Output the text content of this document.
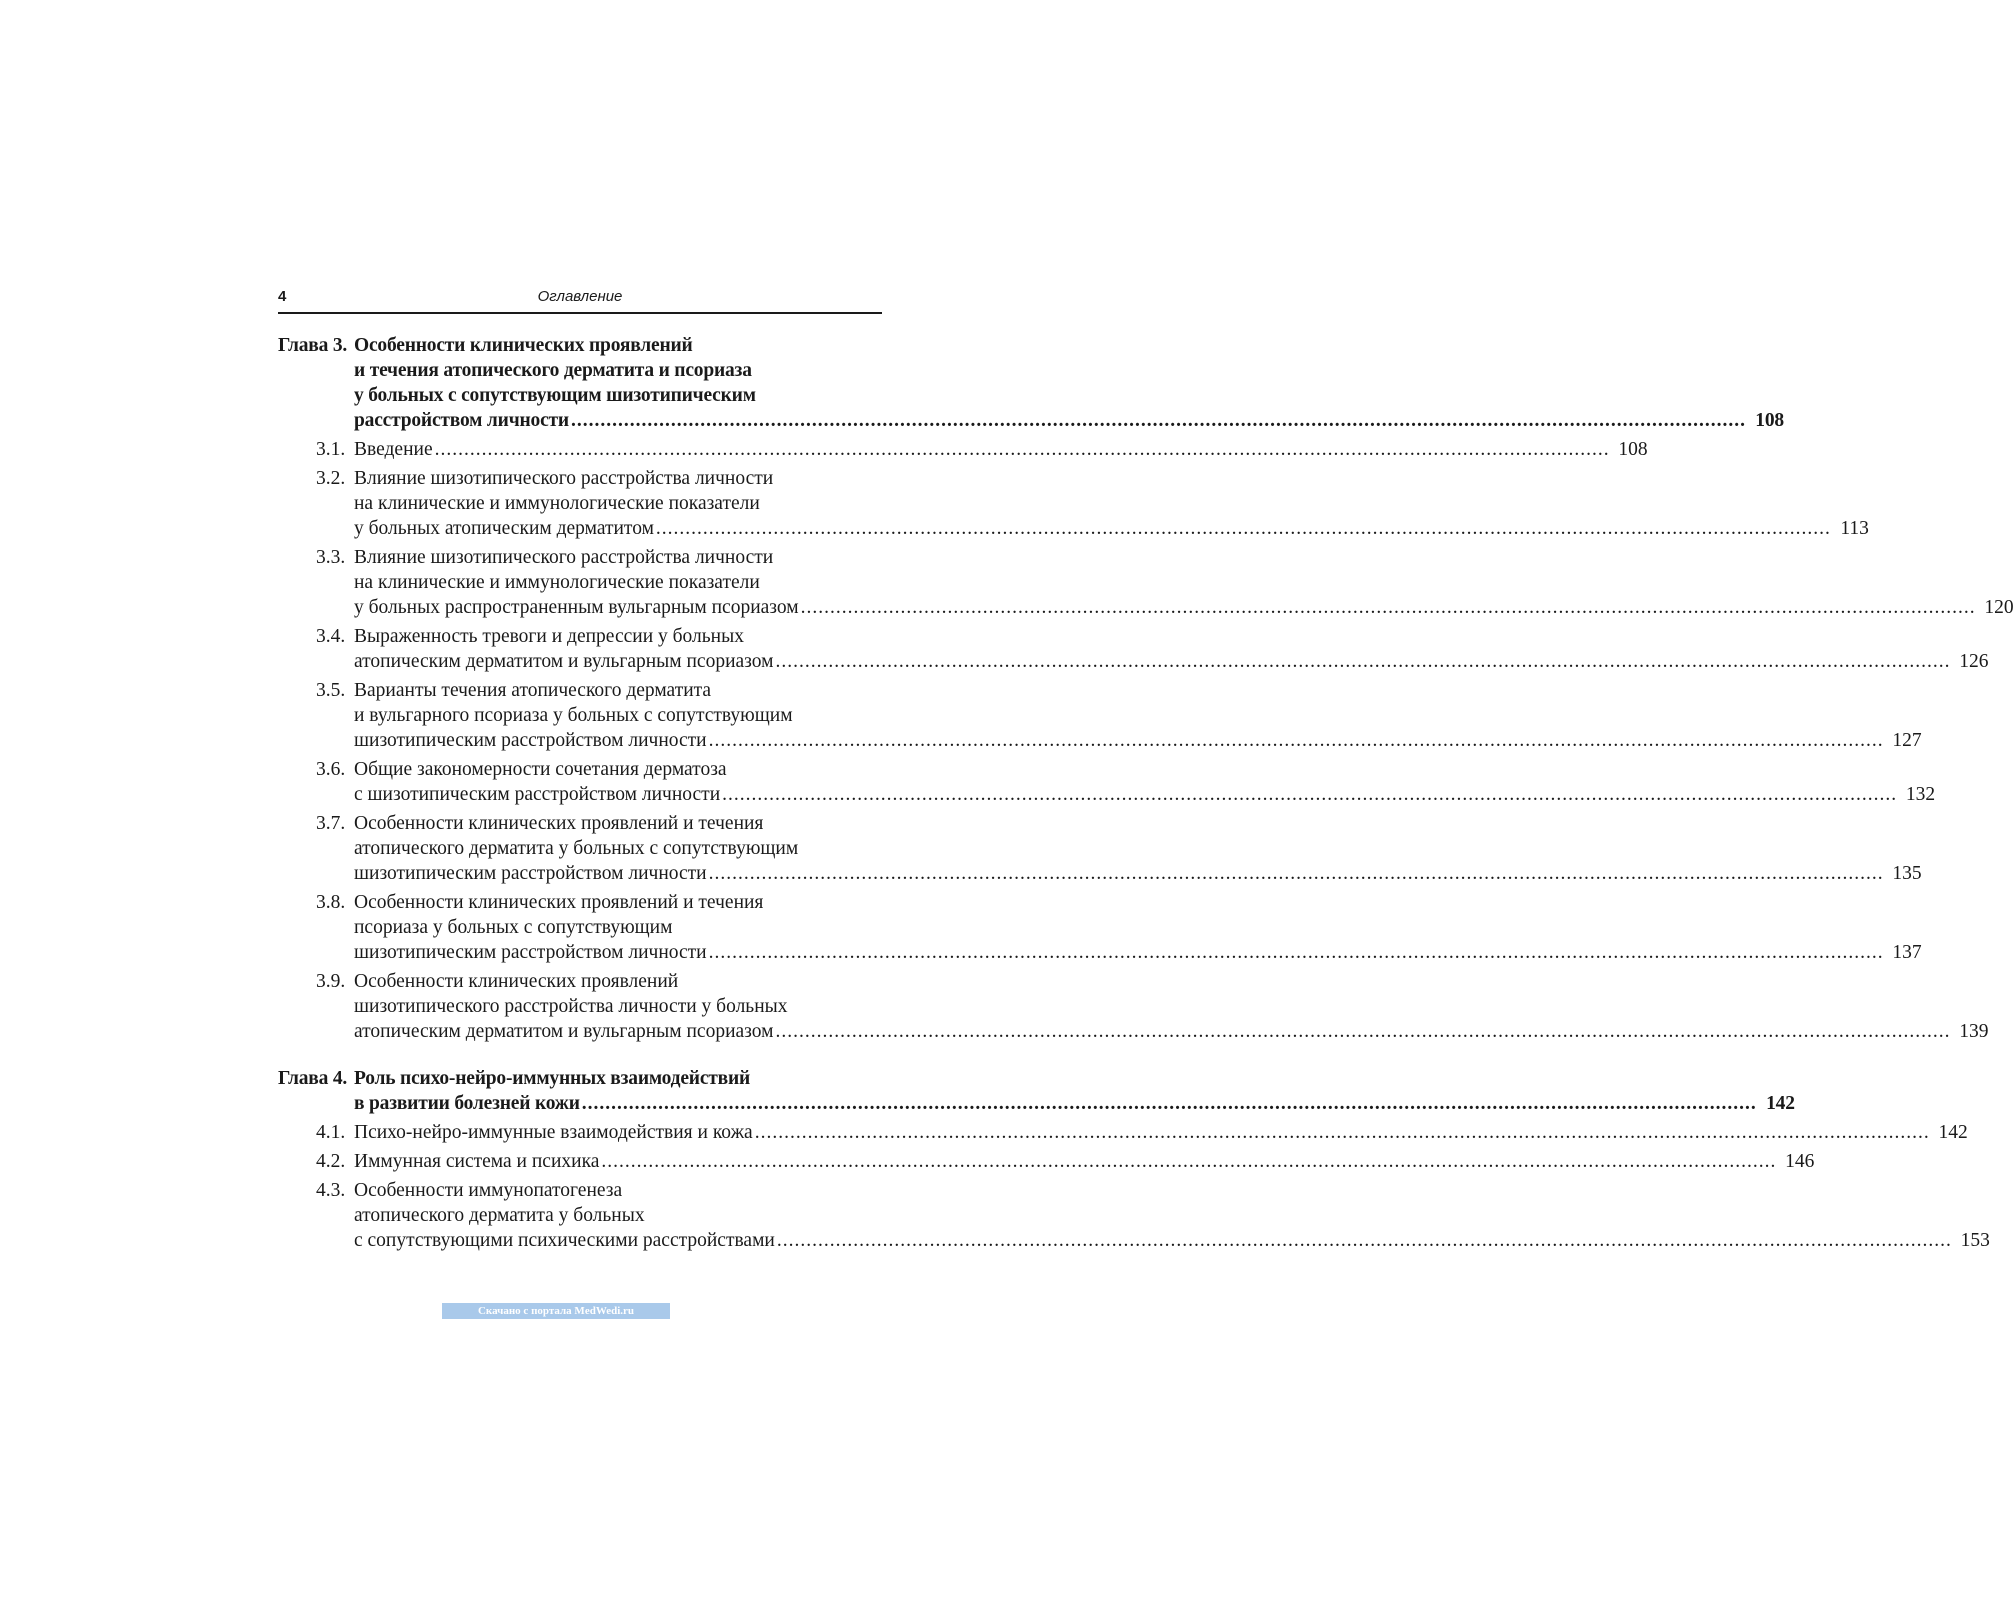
4	Оглавление
Глава 3. Особенности клинических проявлений
и течения атопического дерматита и псориаза
у больных с сопутствующим шизотипическим
расстройством личности ........................................................................................................................................................................................................ 108
3.1. Введение ........................................................................................................................................................................................................ 108
3.2. Влияние шизотипического расстройства личности
на клинические и иммунологические показатели
у больных атопическим дерматитом ........................................................................................................................................................................................................ 113
3.3. Влияние шизотипического расстройства личности
на клинические и иммунологические показатели
у больных распространенным вульгарным псориазом ........................................................................................................................................................................................................ 120
3.4. Выраженность тревоги и депрессии у больных
атопическим дерматитом и вульгарным псориазом ........................................................................................................................................................................................................ 126
3.5. Варианты течения атопического дерматита
и вульгарного псориаза у больных с сопутствующим
шизотипическим расстройством личности ........................................................................................................................................................................................................ 127
3.6. Общие закономерности сочетания дерматоза
с шизотипическим расстройством личности ........................................................................................................................................................................................................ 132
3.7. Особенности клинических проявлений и течения
атопического дерматита у больных с сопутствующим
шизотипическим расстройством личности ........................................................................................................................................................................................................ 135
3.8. Особенности клинических проявлений и течения
псориаза у больных с сопутствующим
шизотипическим расстройством личности ........................................................................................................................................................................................................ 137
3.9. Особенности клинических проявлений
шизотипического расстройства личности у больных
атопическим дерматитом и вульгарным псориазом ........................................................................................................................................................................................................ 139
Глава 4. Роль психо-нейро-иммунных взаимодействий
в развитии болезней кожи ........................................................................................................................................................................................................ 142
4.1. Психо-нейро-иммунные взаимодействия и кожа ........................................................................................................................................................................................................ 142
4.2. Иммунная система и психика ........................................................................................................................................................................................................ 146
4.3. Особенности иммунопатогенеза
атопического дерматита у больных
с сопутствующими психическими расстройствами ........................................................................................................................................................................................................ 153
Скачано с портала MedWedi.ru
